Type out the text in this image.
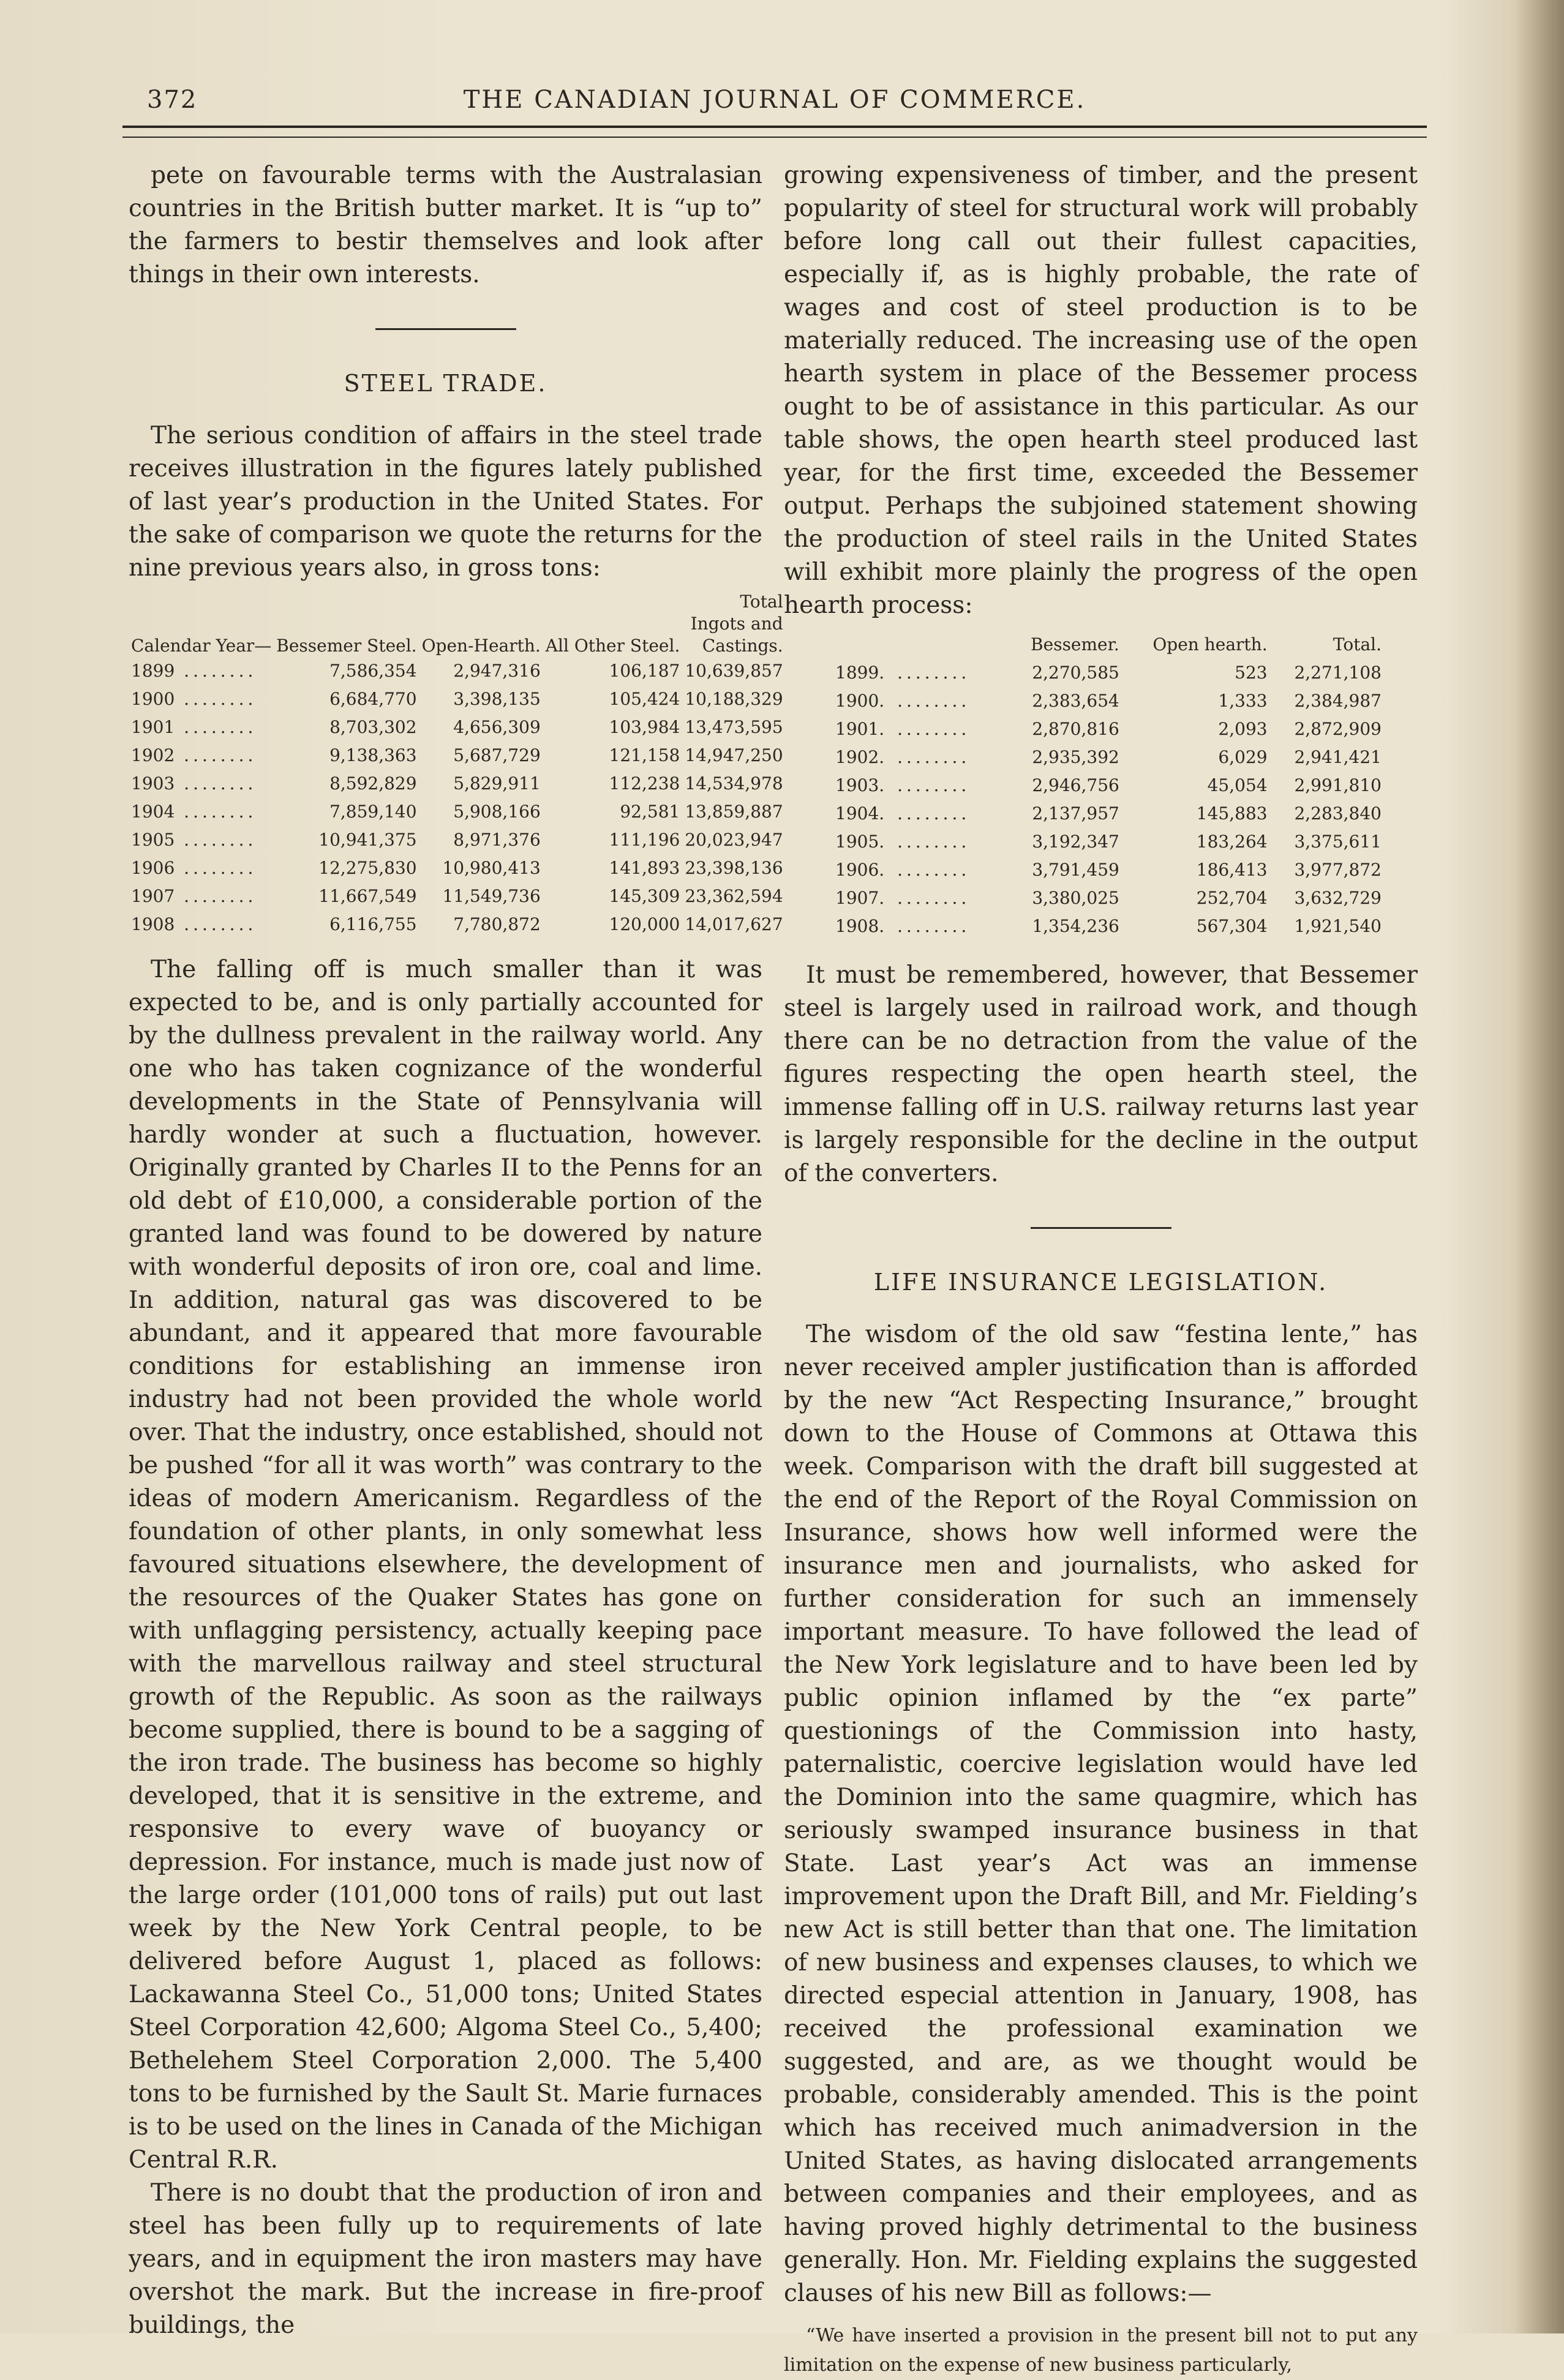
372	THE CANADIAN JOURNAL OF COMMERCE.

pete on favourable terms with the Australasian countries in the British butter market. It is “up to” the farmers to bestir themselves and look after things in their own interests.

STEEL TRADE.

The serious condition of affairs in the steel trade receives illustration in the figures lately published of last year’s production in the United States. For the sake of comparison we quote the returns for the nine previous years also, in gross tons:

Calendar Year—	Bessemer Steel.	Open-Hearth.	All Other Steel.	Total Ingots and Castings.
1899 ........	7,586,354	2,947,316	106,187	10,639,857
1900 ........	6,684,770	3,398,135	105,424	10,188,329
1901 ........	8,703,302	4,656,309	103,984	13,473,595
1902 ........	9,138,363	5,687,729	121,158	14,947,250
1903 ........	8,592,829	5,829,911	112,238	14,534,978
1904 ........	7,859,140	5,908,166	92,581	13,859,887
1905 ........	10,941,375	8,971,376	111,196	20,023,947
1906 ........	12,275,830	10,980,413	141,893	23,398,136
1907 ........	11,667,549	11,549,736	145,309	23,362,594
1908 ........	6,116,755	7,780,872	120,000	14,017,627

The falling off is much smaller than it was expected to be, and is only partially accounted for by the dullness prevalent in the railway world. Any one who has taken cognizance of the wonderful developments in the State of Pennsylvania will hardly wonder at such a fluctuation, however. Originally granted by Charles II to the Penns for an old debt of £10,000, a considerable portion of the granted land was found to be dowered by nature with wonderful deposits of iron ore, coal and lime. In addition, natural gas was discovered to be abundant, and it appeared that more favourable conditions for establishing an immense iron industry had not been provided the whole world over. That the industry, once established, should not be pushed “for all it was worth” was contrary to the ideas of modern Americanism. Regardless of the foundation of other plants, in only somewhat less favoured situations elsewhere, the development of the resources of the Quaker States has gone on with unflagging persistency, actually keeping pace with the marvellous railway and steel structural growth of the Republic. As soon as the railways become supplied, there is bound to be a sagging of the iron trade. The business has become so highly developed, that it is sensitive in the extreme, and responsive to every wave of buoyancy or depression. For instance, much is made just now of the large order (101,000 tons of rails) put out last week by the New York Central people, to be delivered before August 1, placed as follows: Lackawanna Steel Co., 51,000 tons; United States Steel Corporation 42,600; Algoma Steel Co., 5,400; Bethelehem Steel Corporation 2,000. The 5,400 tons to be furnished by the Sault St. Marie furnaces is to be used on the lines in Canada of the Michigan Central R.R.

There is no doubt that the production of iron and steel has been fully up to requirements of late years, and in equipment the iron masters may have overshot the mark. But the increase in fire-proof buildings, the

growing expensiveness of timber, and the present popularity of steel for structural work will probably before long call out their fullest capacities, especially if, as is highly probable, the rate of wages and cost of steel production is to be materially reduced. The increasing use of the open hearth system in place of the Bessemer process ought to be of assistance in this particular. As our table shows, the open hearth steel produced last year, for the first time, exceeded the Bessemer output. Perhaps the subjoined statement showing the production of steel rails in the United States will exhibit more plainly the progress of the open hearth process:

	Bessemer.	Open hearth.	Total.
1899. ........	2,270,585	523	2,271,108
1900. ........	2,383,654	1,333	2,384,987
1901. ........	2,870,816	2,093	2,872,909
1902. ........	2,935,392	6,029	2,941,421
1903. ........	2,946,756	45,054	2,991,810
1904. ........	2,137,957	145,883	2,283,840
1905. ........	3,192,347	183,264	3,375,611
1906. ........	3,791,459	186,413	3,977,872
1907. ........	3,380,025	252,704	3,632,729
1908. ........	1,354,236	567,304	1,921,540

It must be remembered, however, that Bessemer steel is largely used in railroad work, and though there can be no detraction from the value of the figures respecting the open hearth steel, the immense falling off in U.S. railway returns last year is largely responsible for the decline in the output of the converters.

LIFE INSURANCE LEGISLATION.

The wisdom of the old saw “festina lente,” has never received ampler justification than is afforded by the new “Act Respecting Insurance,” brought down to the House of Commons at Ottawa this week. Comparison with the draft bill suggested at the end of the Report of the Royal Commission on Insurance, shows how well informed were the insurance men and journalists, who asked for further consideration for such an immensely important measure. To have followed the lead of the New York legislature and to have been led by public opinion inflamed by the “ex parte” questionings of the Commission into hasty, paternalistic, coercive legislation would have led the Dominion into the same quagmire, which has seriously swamped insurance business in that State. Last year’s Act was an immense improvement upon the Draft Bill, and Mr. Fielding’s new Act is still better than that one. The limitation of new business and expenses clauses, to which we directed especial attention in January, 1908, has received the professional examination we suggested, and are, as we thought would be probable, considerably amended. This is the point which has received much animadversion in the United States, as having dislocated arrangements between companies and their employees, and as having proved highly detrimental to the business generally. Hon. Mr. Fielding explains the suggested clauses of his new Bill as follows:—

“We have inserted a provision in the present bill not to put any limitation on the expense of new business particularly,
